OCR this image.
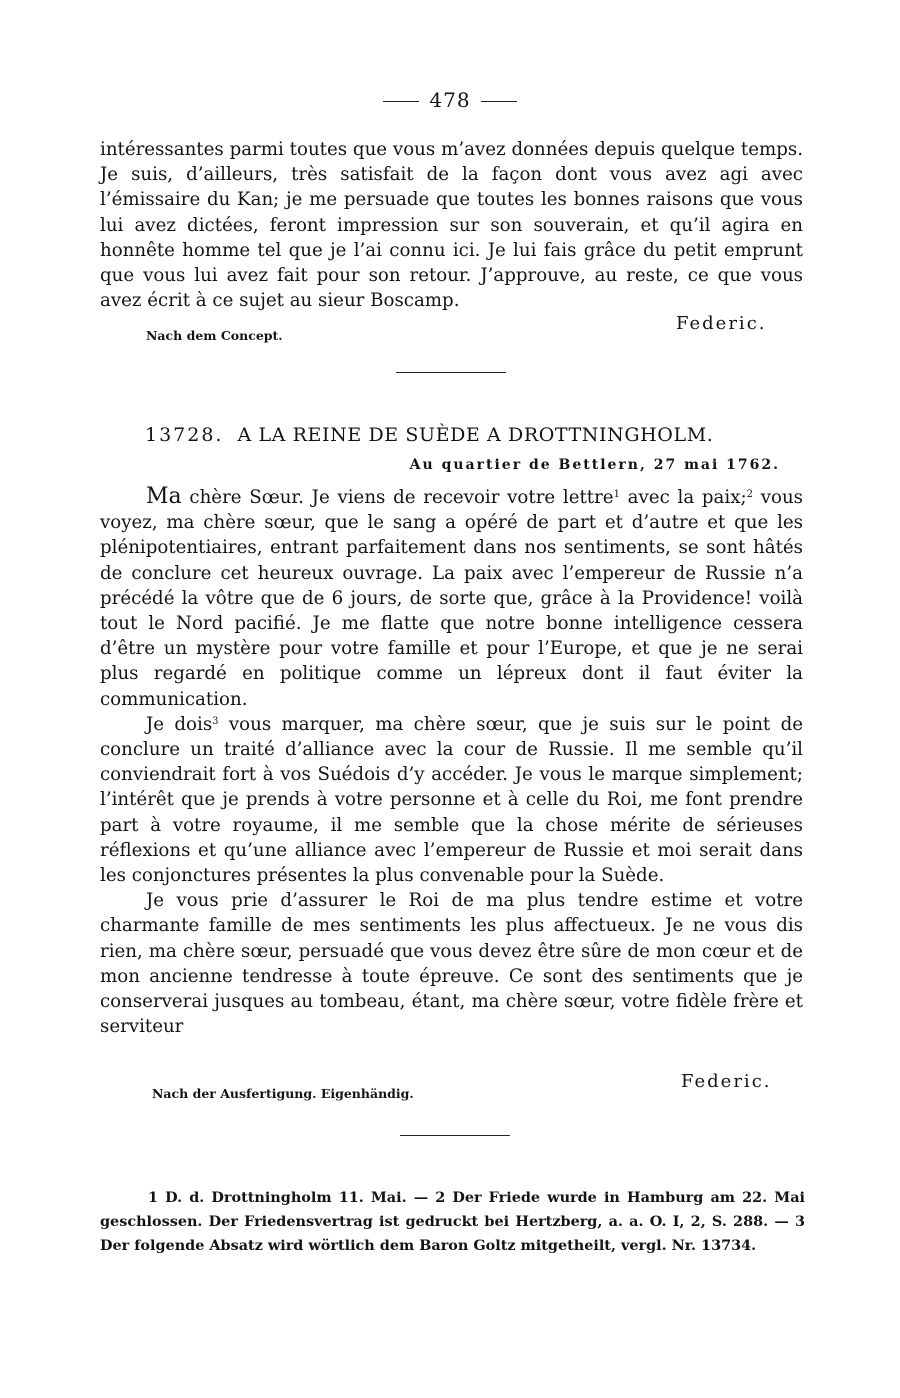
478

intéressantes parmi toutes que vous m’avez données depuis quelque temps. Je suis, d’ailleurs, très satisfait de la façon dont vous avez agi avec l’émissaire du Kan; je me persuade que toutes les bonnes raisons que vous lui avez dictées, feront impression sur son souverain, et qu’il agira en honnête homme tel que je l’ai connu ici. Je lui fais grâce du petit emprunt que vous lui avez fait pour son retour. J’approuve, au reste, ce que vous avez écrit à ce sujet au sieur Boscamp.

Nach dem Concept.
Federic.
13728. A LA REINE DE SUÈDE A DROTTNINGHOLM.
Au quartier de Bettlern, 27 mai 1762.

Ma chère Sœur. Je viens de recevoir votre lettre$^1$ avec la paix;$^2$ vous voyez, ma chère sœur, que le sang a opéré de part et d’autre et que les plénipotentiaires, entrant parfaitement dans nos sentiments, se sont hâtés de conclure cet heureux ouvrage. La paix avec l’empereur de Russie n’a précédé la vôtre que de 6 jours, de sorte que, grâce à la Providence! voilà tout le Nord pacifié. Je me flatte que notre bonne intelligence cessera d’être un mystère pour votre famille et pour l’Europe, et que je ne serai plus regardé en politique comme un lépreux dont il faut éviter la communication.

Je dois$^3$ vous marquer, ma chère sœur, que je suis sur le point de conclure un traité d’alliance avec la cour de Russie. Il me semble qu’il conviendrait fort à vos Suédois d’y accéder. Je vous le marque simplement; l’intérêt que je prends à votre personne et à celle du Roi, me font prendre part à votre royaume, il me semble que la chose mérite de sérieuses réflexions et qu’une alliance avec l’empereur de Russie et moi serait dans les conjonctures présentes la plus convenable pour la Suède.

Je vous prie d’assurer le Roi de ma plus tendre estime et votre charmante famille de mes sentiments les plus affectueux. Je ne vous dis rien, ma chère sœur, persuadé que vous devez être sûre de mon cœur et de mon ancienne tendresse à toute épreuve. Ce sont des sentiments que je conserverai jusques au tombeau, étant, ma chère sœur, votre fidèle frère et serviteur

Nach der Ausfertigung. Eigenhändig.
Federic.

1 D. d. Drottningholm 11. Mai. — 2 Der Friede wurde in Hamburg am 22. Mai geschlossen. Der Friedensvertrag ist gedruckt bei Hertzberg, a. a. O. I, 2, S. 288. — 3 Der folgende Absatz wird wörtlich dem Baron Goltz mitgetheilt, vergl. Nr. 13734.
